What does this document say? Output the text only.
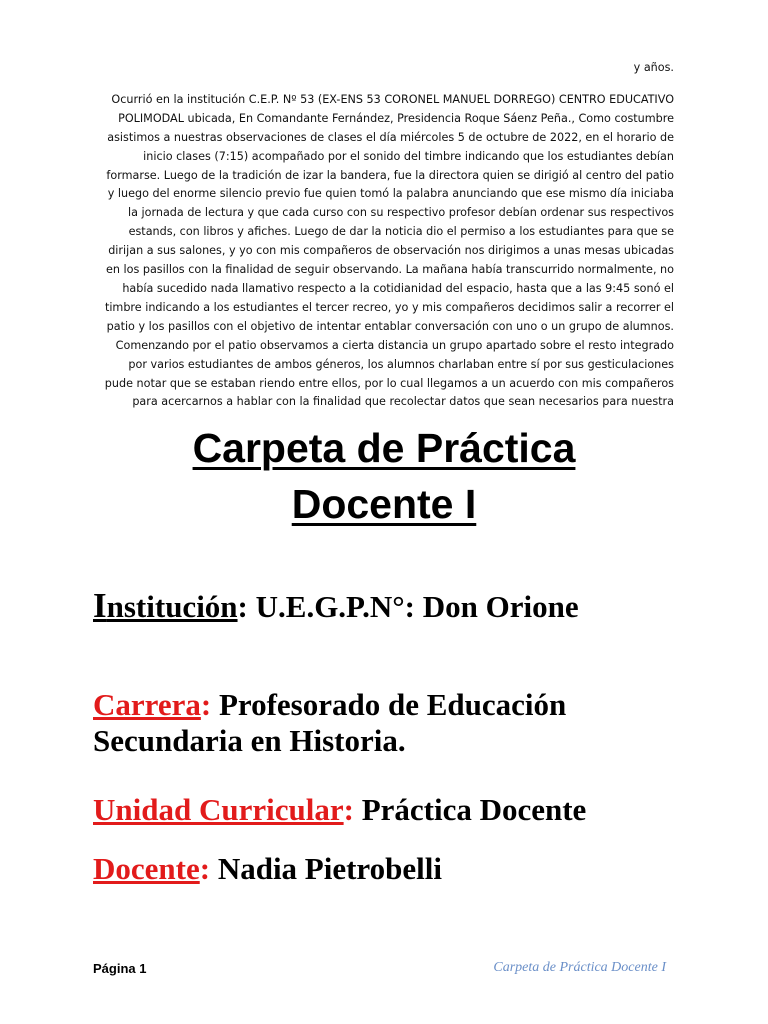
y años.

Ocurrió en la institución C.E.P. Nº 53 (EX-ENS 53 CORONEL MANUEL DORREGO) CENTRO EDUCATIVO
POLIMODAL ubicada, En Comandante Fernández, Presidencia Roque Sáenz Peña., Como costumbre
asistimos a nuestras observaciones de clases el día miércoles 5 de octubre de 2022, en el horario de
inicio clases (7:15) acompañado por el sonido del timbre indicando que los estudiantes debían
formarse. Luego de la tradición de izar la bandera, fue la directora quien se dirigió al centro del patio
y luego del enorme silencio previo fue quien tomó la palabra anunciando que ese mismo día iniciaba
la jornada de lectura y que cada curso con su respectivo profesor debían ordenar sus respectivos
estands, con libros y afiches. Luego de dar la noticia dio el permiso a los estudiantes para que se
dirijan a sus salones, y yo con mis compañeros de observación nos dirigimos a unas mesas ubicadas
en los pasillos con la finalidad de seguir observando. La mañana había transcurrido normalmente, no
había sucedido nada llamativo respecto a la cotidianidad del espacio, hasta que a las 9:45 sonó el
timbre indicando a los estudiantes el tercer recreo, yo y mis compañeros decidimos salir a recorrer el
patio y los pasillos con el objetivo de intentar entablar conversación con uno o un grupo de alumnos.
Comenzando por el patio observamos a cierta distancia un grupo apartado sobre el resto integrado
por varios estudiantes de ambos géneros, los alumnos charlaban entre sí por sus gesticulaciones
pude notar que se estaban riendo entre ellos, por lo cual llegamos a un acuerdo con mis compañeros
para acercarnos a hablar con la finalidad que recolectar datos que sean necesarios para nuestra

Carpeta de Práctica
Docente I
Institución: U.E.G.P.N°: Don Orione
Carrera: Profesorado de Educación
Secundaria en Historia.
Unidad Curricular: Práctica Docente
Docente: Nadia Pietrobelli
Página 1	Carpeta de Práctica Docente I
